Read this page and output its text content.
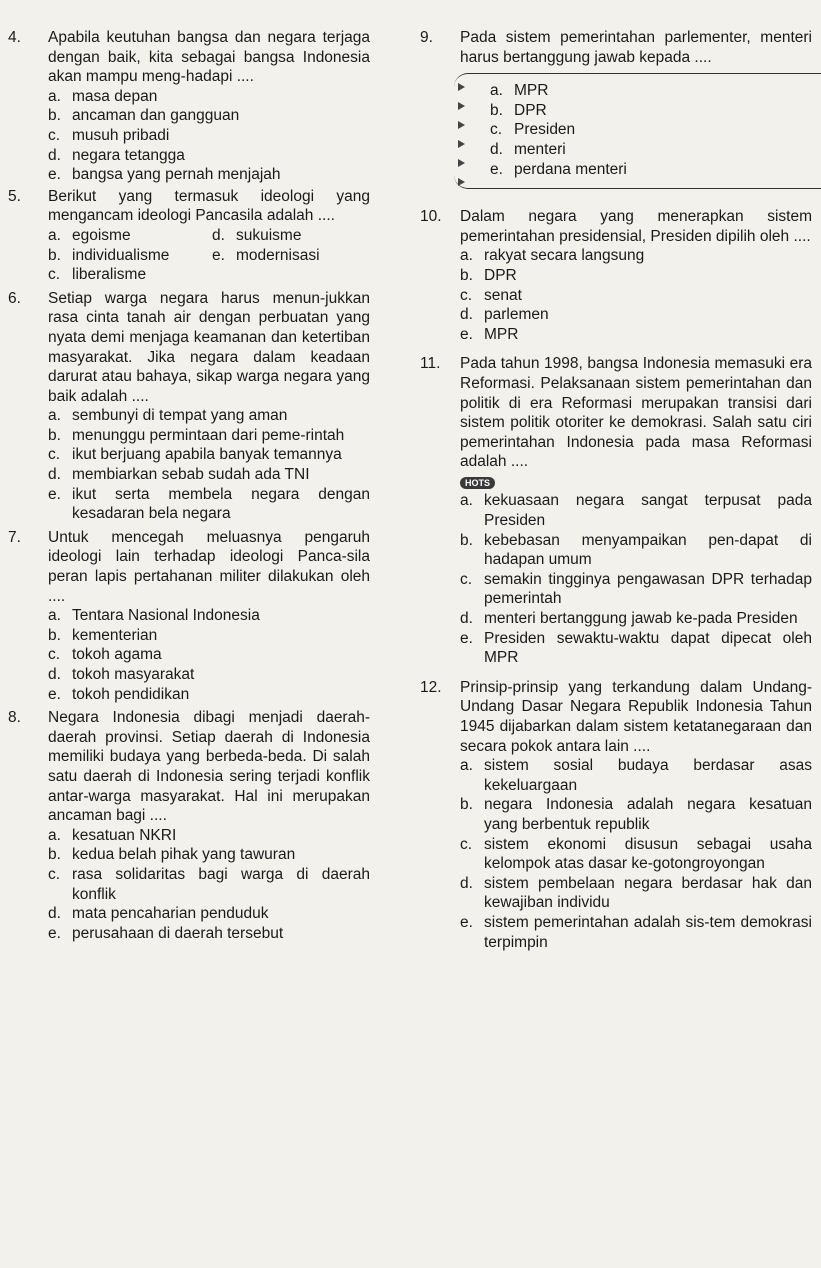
4.	Apabila keutuhan bangsa dan negara terjaga dengan baik, kita sebagai bangsa Indonesia akan mampu meng-hadapi ....
a. masa depan
b. ancaman dan gangguan
c. musuh pribadi
d. negara tetangga
e. bangsa yang pernah menjajah
5.	Berikut yang termasuk ideologi yang mengancam ideologi Pancasila adalah ....
a. egoisme	d. sukuisme
b. individualisme	e. modernisasi
c. liberalisme
6.	Setiap warga negara harus menun-jukkan rasa cinta tanah air dengan perbuatan yang nyata demi menjaga keamanan dan ketertiban masyarakat. Jika negara dalam keadaan darurat atau bahaya, sikap warga negara yang baik adalah ....
a. sembunyi di tempat yang aman
b. menunggu permintaan dari peme-rintah
c. ikut berjuang apabila banyak temannya
d. membiarkan sebab sudah ada TNI
e. ikut serta membela negara dengan kesadaran bela negara
7.	Untuk mencegah meluasnya pengaruh ideologi lain terhadap ideologi Panca-sila peran lapis pertahanan militer dilakukan oleh ....
a. Tentara Nasional Indonesia
b. kementerian
c. tokoh agama
d. tokoh masyarakat
e. tokoh pendidikan
8.	Negara Indonesia dibagi menjadi daerah-daerah provinsi. Setiap daerah di Indonesia memiliki budaya yang berbeda-beda. Di salah satu daerah di Indonesia sering terjadi konflik antar-warga masyarakat. Hal ini merupakan ancaman bagi ....
a. kesatuan NKRI
b. kedua belah pihak yang tawuran
c. rasa solidaritas bagi warga di daerah konflik
d. mata pencaharian penduduk
e. perusahaan di daerah tersebut
9.	Pada sistem pemerintahan parlementer, menteri harus bertanggung jawab kepada ....
a. MPR
b. DPR
c. Presiden
d. menteri
e. perdana menteri
10.	Dalam negara yang menerapkan sistem pemerintahan presidensial, Presiden dipilih oleh ....
a. rakyat secara langsung
b. DPR
c. senat
d. parlemen
e. MPR
11.	Pada tahun 1998, bangsa Indonesia memasuki era Reformasi. Pelaksanaan sistem pemerintahan dan politik di era Reformasi merupakan transisi dari sistem politik otoriter ke demokrasi. Salah satu ciri pemerintahan Indonesia pada masa Reformasi adalah ....
HOTS
a. kekuasaan negara sangat terpusat pada Presiden
b. kebebasan menyampaikan pen-dapat di hadapan umum
c. semakin tingginya pengawasan DPR terhadap pemerintah
d. menteri bertanggung jawab ke-pada Presiden
e. Presiden sewaktu-waktu dapat dipecat oleh MPR
12.	Prinsip-prinsip yang terkandung dalam Undang-Undang Dasar Negara Republik Indonesia Tahun 1945 dijabarkan dalam sistem ketatanegaraan dan secara pokok antara lain ....
a. sistem sosial budaya berdasar asas kekeluargaan
b. negara Indonesia adalah negara kesatuan yang berbentuk republik
c. sistem ekonomi disusun sebagai usaha kelompok atas dasar ke-gotongroyongan
d. sistem pembelaan negara berdasar hak dan kewajiban individu
e. sistem pemerintahan adalah sis-tem demokrasi terpimpin
